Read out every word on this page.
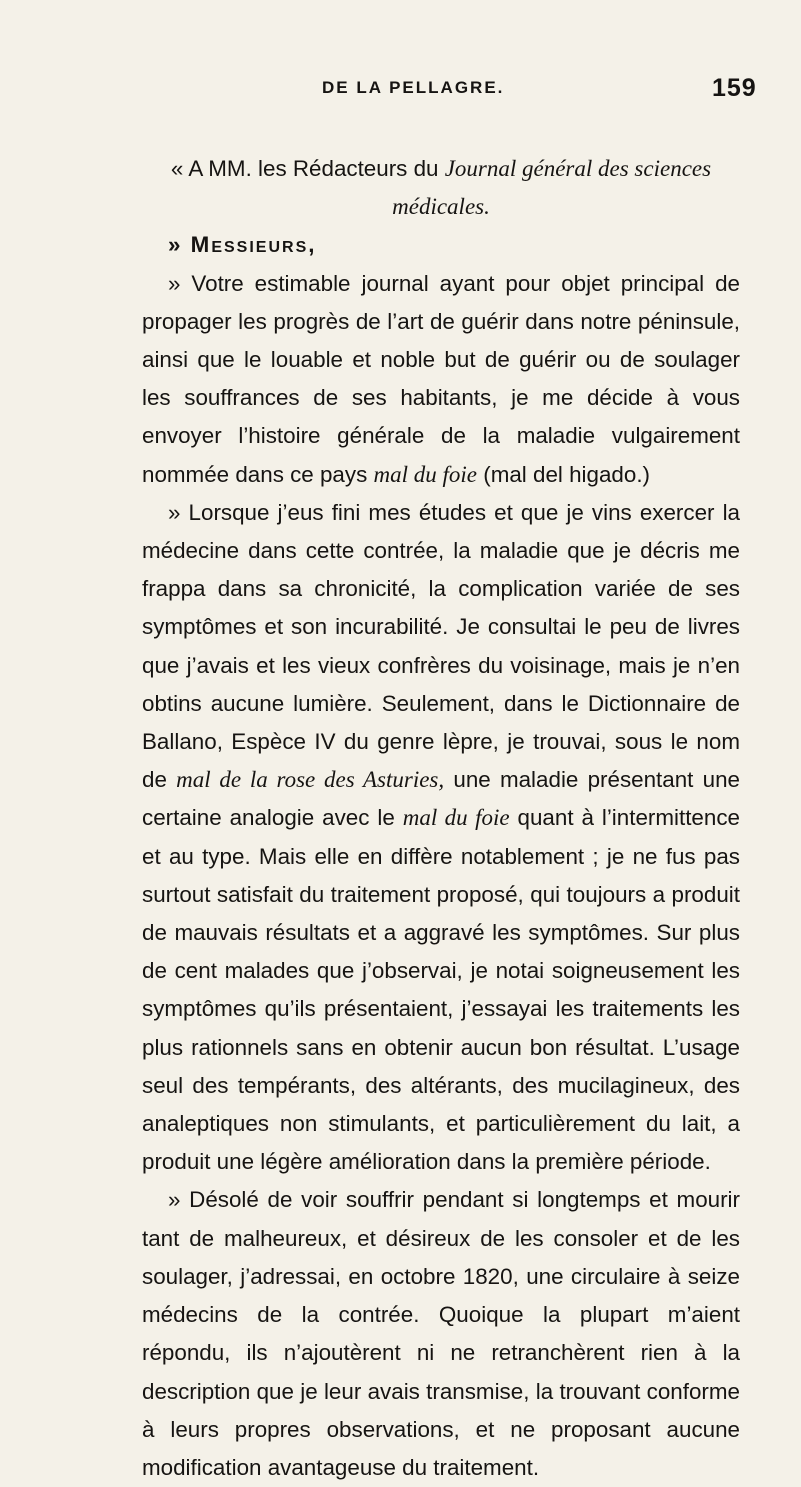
DE LA PELLAGRE.	159

« A MM. les Rédacteurs du Journal général des sciences

médicales.

» Messieurs,

» Votre estimable journal ayant pour objet principal de propager les progrès de l’art de guérir dans notre péninsule, ainsi que le louable et noble but de guérir ou de soulager les souffrances de ses habitants, je me décide à vous envoyer l’histoire générale de la maladie vulgairement nommée dans ce pays mal du foie (mal del higado.)

» Lorsque j’eus fini mes études et que je vins exercer la médecine dans cette contrée, la maladie que je décris me frappa dans sa chronicité, la complication variée de ses symptômes et son incurabilité. Je consultai le peu de livres que j’avais et les vieux confrères du voisinage, mais je n’en obtins aucune lumière. Seulement, dans le Dictionnaire de Ballano, Espèce IV du genre lèpre, je trouvai, sous le nom de mal de la rose des Asturies, une maladie présentant une certaine analogie avec le mal du foie quant à l’intermittence et au type. Mais elle en diffère notablement ; je ne fus pas surtout satisfait du traitement proposé, qui toujours a produit de mauvais résultats et a aggravé les symptômes. Sur plus de cent malades que j’observai, je notai soigneusement les symptômes qu’ils présentaient, j’essayai les traitements les plus rationnels sans en obtenir aucun bon résultat. L’usage seul des tempérants, des altérants, des mucilagineux, des analeptiques non stimulants, et particulièrement du lait, a produit une légère amélioration dans la première période.

» Désolé de voir souffrir pendant si longtemps et mourir tant de malheureux, et désireux de les consoler et de les soulager, j’adressai, en octobre 1820, une circulaire à seize médecins de la contrée. Quoique la plupart m’aient répondu, ils n’ajoutèrent ni ne retranchèrent rien à la description que je leur avais transmise, la trouvant conforme à leurs propres observations, et ne proposant aucune modification avantageuse du traitement.
